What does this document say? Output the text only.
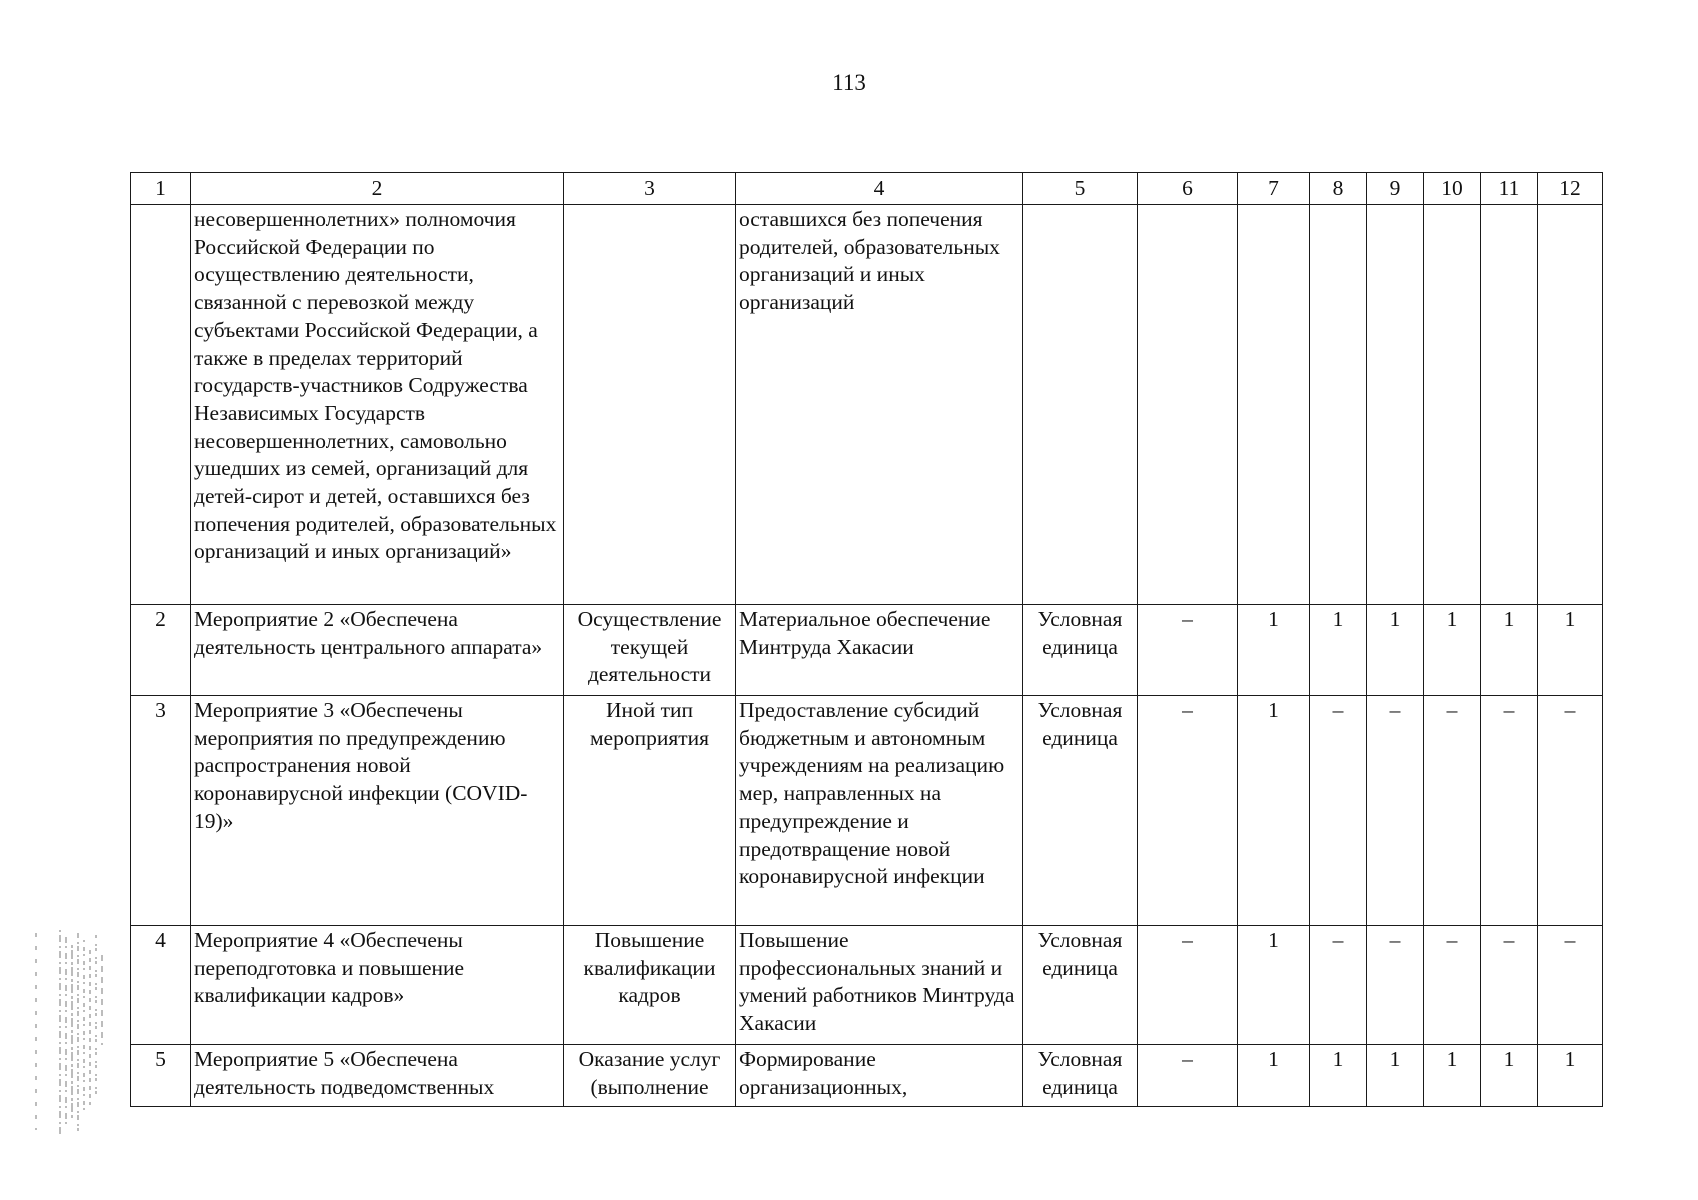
113
1	2	3	4	5	6	7	8	9	10	11	12
	несовершеннолетних» полномочия Российской Федерации по осуществлению деятельности, связанной с перевозкой между субъектами Российской Федерации, а также в пределах территорий государств-участников Содружества Независимых Государств несовершеннолетних, самовольно ушедших из семей, организаций для детей-сирот и детей, оставшихся без попечения родителей, образовательных организаций и иных организаций»		оставшихся без попечения родителей, образовательных организаций и иных организаций								
2	Мероприятие 2 «Обеспечена деятельность центрального аппарата»	Осуществление текущей деятельности	Материальное обеспечение Минтруда Хакасии	Условная единица	–	1	1	1	1	1	1
3	Мероприятие 3 «Обеспечены мероприятия по предупреждению распространения новой коронавирусной инфекции (COVID-19)»	Иной тип мероприятия	Предоставление субсидий бюджетным и автономным учреждениям на реализацию мер, направленных на предупреждение и предотвращение новой коронавирусной инфекции	Условная единица	–	1	–	–	–	–	–
4	Мероприятие 4 «Обеспечены переподготовка и повышение квалификации кадров»	Повышение квалификации кадров	Повышение профессиональных знаний и умений работников Минтруда Хакасии	Условная единица	–	1	–	–	–	–	–
5	Мероприятие 5 «Обеспечена деятельность подведомственных	Оказание услуг (выполнение	Формирование организационных,	Условная единица	–	1	1	1	1	1	1
